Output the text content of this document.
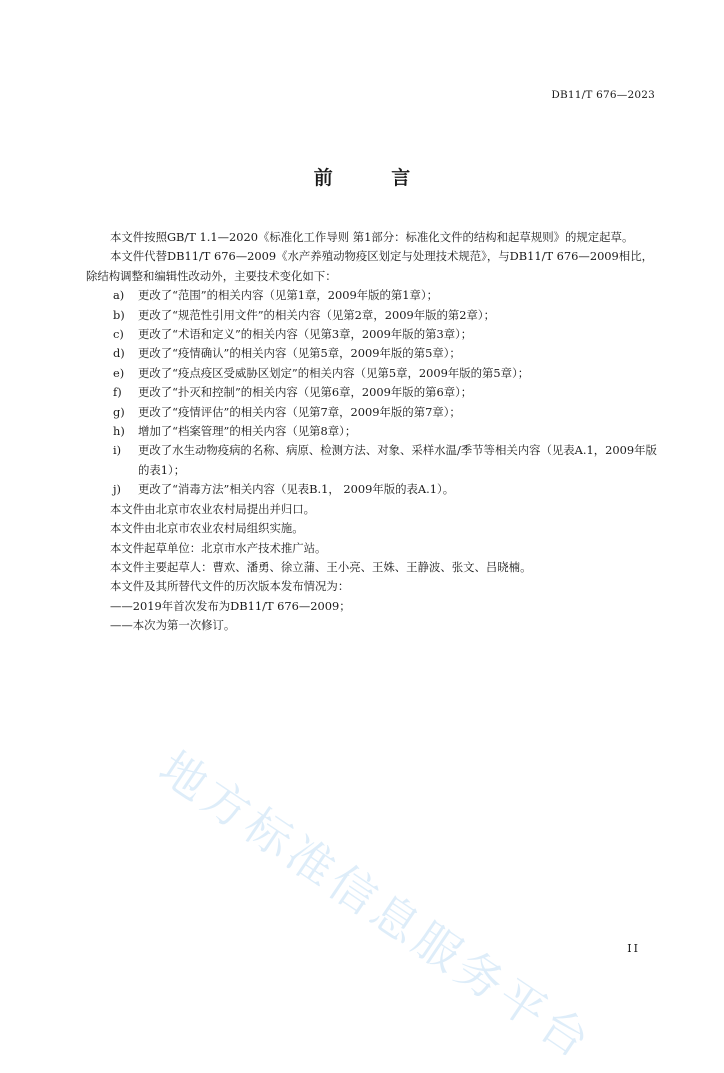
DB11/T 676—2023
前 言

本文件按照GB/T 1.1—2020《标准化工作导则 第1部分：标准化文件的结构和起草规则》的规定起草。

本文件代替DB11/T 676—2009《水产养殖动物疫区划定与处理技术规范》，与DB11/T 676—2009相比，除结构调整和编辑性改动外，主要技术变化如下：

a) 更改了“范围”的相关内容（见第1章，2009年版的第1章）；

b) 更改了“规范性引用文件”的相关内容（见第2章，2009年版的第2章）；

c) 更改了“术语和定义”的相关内容（见第3章，2009年版的第3章）；

d) 更改了“疫情确认”的相关内容（见第5章，2009年版的第5章）；

e) 更改了“疫点疫区受威胁区划定”的相关内容（见第5章，2009年版的第5章）；

f) 更改了“扑灭和控制”的相关内容（见第6章，2009年版的第6章）；

g) 更改了“疫情评估”的相关内容（见第7章，2009年版的第7章）；

h) 增加了“档案管理”的相关内容（见第8章）；

i) 更改了水生动物疫病的名称、病原、检测方法、对象、采样水温/季节等相关内容（见表A.1，2009年版的表1）；

j) 更改了“消毒方法”相关内容（见表B.1， 2009年版的表A.1）。

本文件由北京市农业农村局提出并归口。

本文件由北京市农业农村局组织实施。

本文件起草单位：北京市水产技术推广站。

本文件主要起草人：曹欢、潘勇、徐立蒲、王小亮、王姝、王静波、张文、吕晓楠。

本文件及其所替代文件的历次版本发布情况为：

——2019年首次发布为DB11/T 676—2009；

——本次为第一次修订。

地方标准信息服务平台	II
